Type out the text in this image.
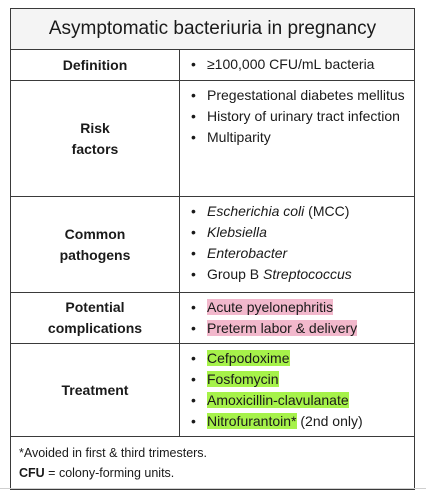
Asymptomatic bacteriuria in pregnancy
Definition
•	≥100,000 CFU/mL bacteria
Risk
factors
• Pregestational diabetes mellitus
• History of urinary tract infection
• Multiparity
Common
pathogens
• Escherichia coli (MCC)
• Klebsiella
• Enterobacter
• Group B Streptococcus
Potential
complications
• Acute pyelonephritis
• Preterm labor & delivery
Treatment
• Cefpodoxime
• Fosfomycin
• Amoxicillin-clavulanate
• Nitrofurantoin* (2nd only)
*Avoided in first & third trimesters.
CFU = colony-forming units.
